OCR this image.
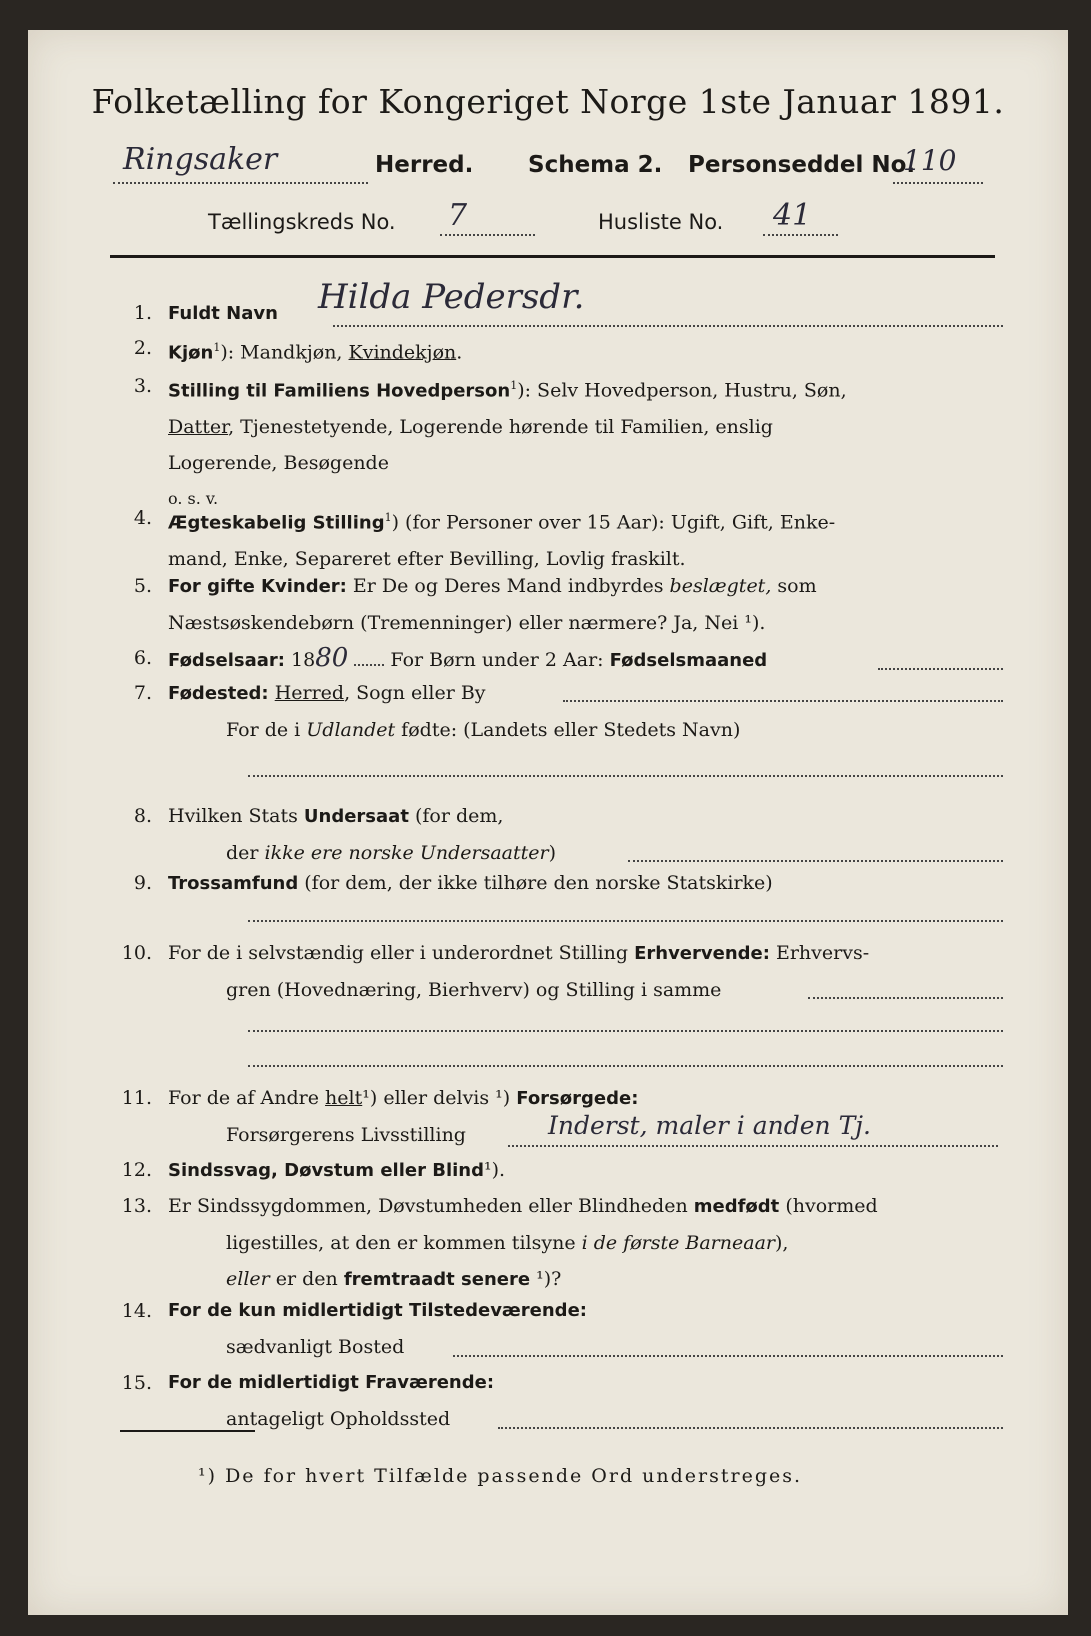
Folketælling for Kongeriget Norge 1ste Januar 1891.
Ringsaker	Herred. Schema 2. Personseddel No.
110
Tællingskreds No. 7	Husliste No. 41
1. Fuldt Navn Hilda Pedersdr.
2. Kjøn$^1$): Mandkjøn, Kvindekjøn.
3. Stilling til Familiens Hovedperson$^1$): Selv Hovedperson, Hustru, Søn,
Datter, Tjenestetyende, Logerende hørende til Familien, enslig
Logerende, Besøgende
o. s. v.
4. Ægteskabelig Stilling$^1$) (for Personer over 15 Aar): Ugift, Gift, Enke-
mand, Enke, Separeret efter Bevilling, Lovlig fraskilt.
5. For gifte Kvinder: Er De og Deres Mand indbyrdes beslægtet, som
Næstsøskendebørn (Tremenninger) eller nærmere? Ja, Nei ¹).
6. Fødselsaar: 1880 For Børn under 2 Aar: Fødselsmaaned
7. Fødested: Herred, Sogn eller By
For de i Udlandet fødte: (Landets eller Stedets Navn)
8. Hvilken Stats Undersaat (for dem,
der ikke ere norske Undersaatter)
9. Trossamfund (for dem, der ikke tilhøre den norske Statskirke)
10. For de i selvstændig eller i underordnet Stilling Erhvervende: Erhvervs-
gren (Hovednæring, Bierhverv) og Stilling i samme
11. For de af Andre helt¹) eller delvis ¹) Forsørgede:
Forsørgerens Livsstilling	Inderst, maler i anden Tj.
12. Sindssvag, Døvstum eller Blind¹).
13. Er Sindssygdommen, Døvstumheden eller Blindheden medfødt (hvormed
ligestilles, at den er kommen tilsyne i de første Barneaar),
eller er den fremtraadt senere ¹)?
14. For de kun midlertidigt Tilstedeværende:
sædvanligt Bosted
15. For de midlertidigt Fraværende:
antageligt Opholdssted
¹) De for hvert Tilfælde passende Ord understreges.
